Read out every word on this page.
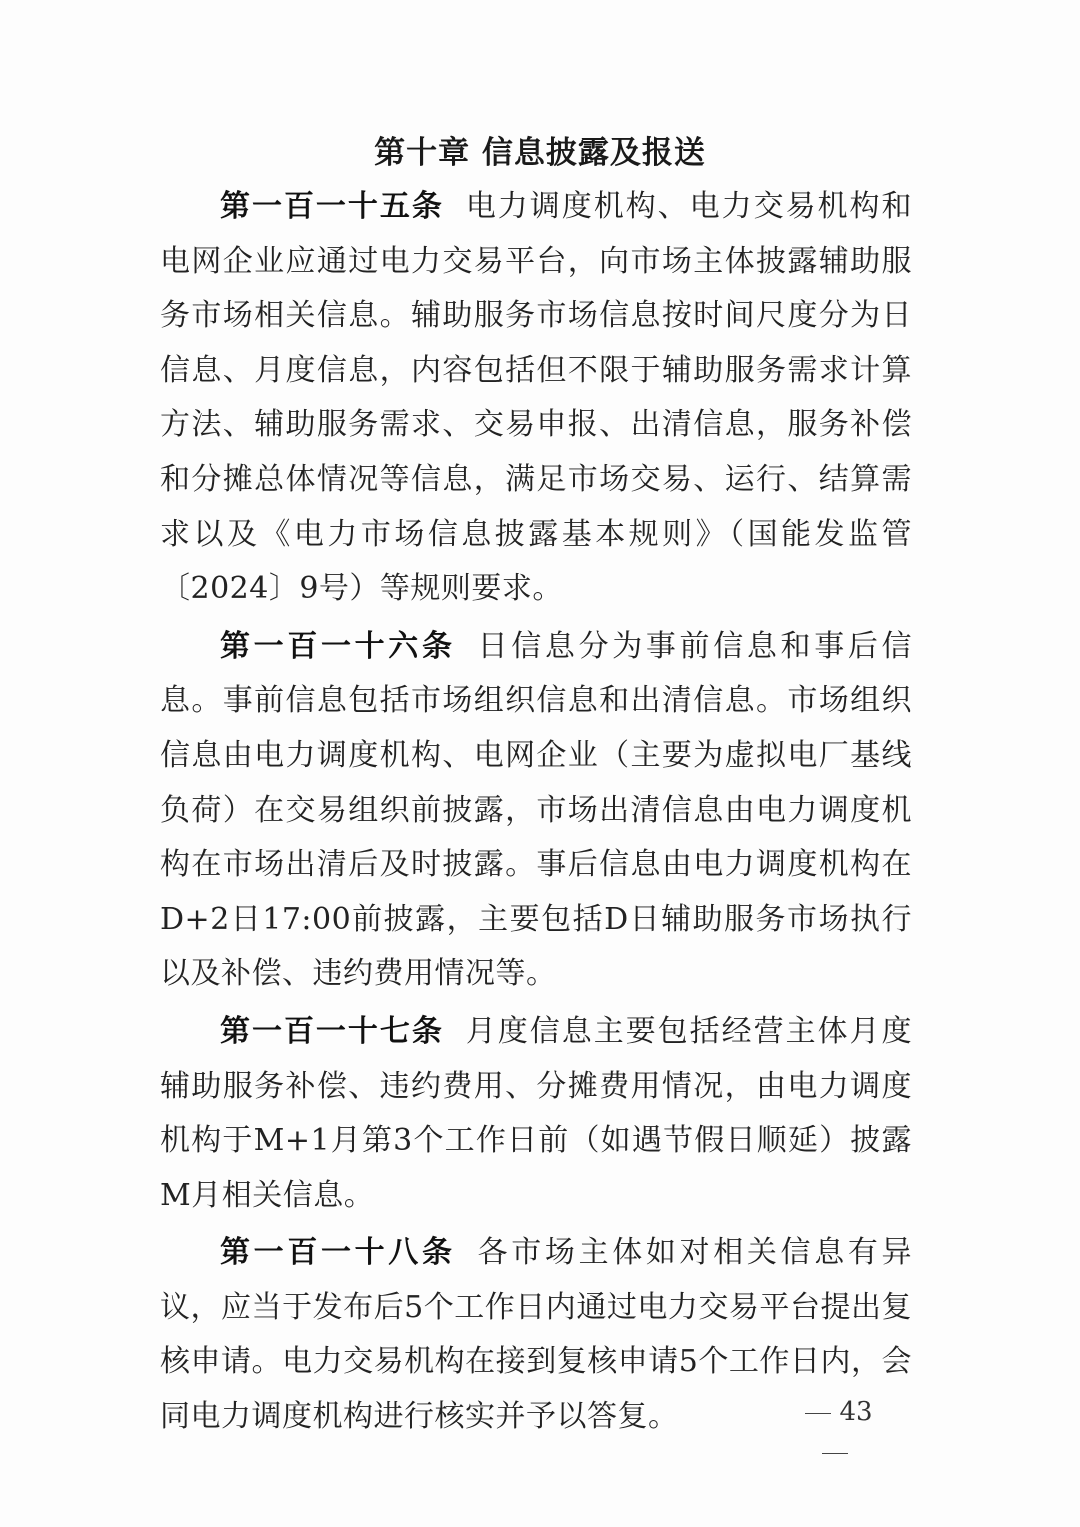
第十章 信息披露及报送

第一百一十五条 电力调度机构、电力交易机构和电网企业应通过电力交易平台，向市场主体披露辅助服务市场相关信息。辅助服务市场信息按时间尺度分为日信息、月度信息，内容包括但不限于辅助服务需求计算方法、辅助服务需求、交易申报、出清信息，服务补偿和分摊总体情况等信息，满足市场交易、运行、结算需求以及《电力市场信息披露基本规则》（国能发监管〔2024〕9号）等规则要求。

第一百一十六条 日信息分为事前信息和事后信息。事前信息包括市场组织信息和出清信息。市场组织信息由电力调度机构、电网企业（主要为虚拟电厂基线负荷）在交易组织前披露，市场出清信息由电力调度机构在市场出清后及时披露。事后信息由电力调度机构在D+2日17:00前披露，主要包括D日辅助服务市场执行以及补偿、违约费用情况等。

第一百一十七条 月度信息主要包括经营主体月度辅助服务补偿、违约费用、分摊费用情况，由电力调度机构于M+1月第3个工作日前（如遇节假日顺延）披露M月相关信息。

第一百一十八条 各市场主体如对相关信息有异议，应当于发布后5个工作日内通过电力交易平台提出复核申请。电力交易机构在接到复核申请5个工作日内，会同电力调度机构进行核实并予以答复。	43
